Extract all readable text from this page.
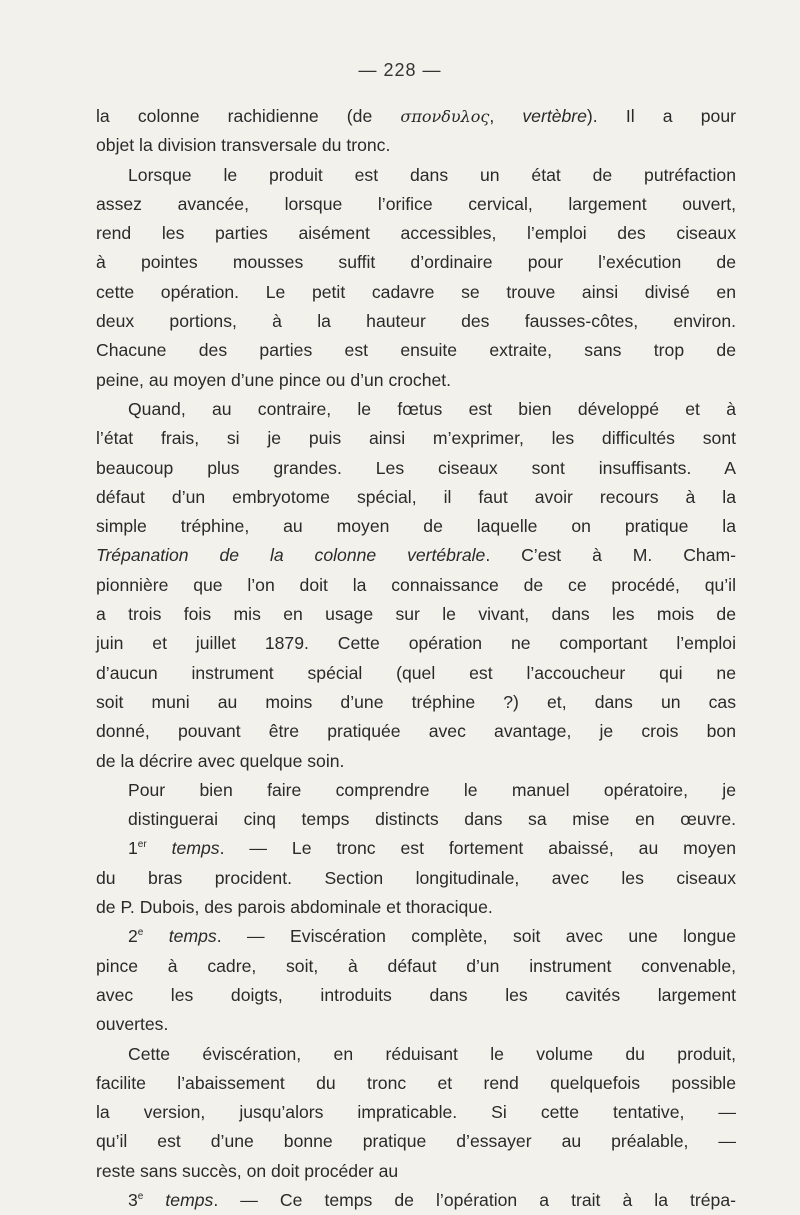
— 228 —
la colonne rachidienne (de σπονδυλος, vertèbre). Il a pour
objet la division transversale du tronc.
Lorsque le produit est dans un état de putréfaction
assez avancée, lorsque l’orifice cervical, largement ouvert,
rend les parties aisément accessibles, l’emploi des ciseaux
à pointes mousses suffit d’ordinaire pour l’exécution de
cette opération. Le petit cadavre se trouve ainsi divisé en
deux portions, à la hauteur des fausses-côtes, environ.
Chacune des parties est ensuite extraite, sans trop de
peine, au moyen d’une pince ou d’un crochet.
Quand, au contraire, le fœtus est bien développé et à
l’état frais, si je puis ainsi m’exprimer, les difficultés sont
beaucoup plus grandes. Les ciseaux sont insuffisants. A
défaut d’un embryotome spécial, il faut avoir recours à la
simple tréphine, au moyen de laquelle on pratique la
Trépanation de la colonne vertébrale. C’est à M. Cham-
pionnière que l’on doit la connaissance de ce procédé, qu’il
a trois fois mis en usage sur le vivant, dans les mois de
juin et juillet 1879. Cette opération ne comportant l’emploi
d’aucun instrument spécial (quel est l’accoucheur qui ne
soit muni au moins d’une tréphine ?) et, dans un cas
donné, pouvant être pratiquée avec avantage, je crois bon
de la décrire avec quelque soin.
Pour bien faire comprendre le manuel opératoire, je
distinguerai cinq temps distincts dans sa mise en œuvre.
1er temps. — Le tronc est fortement abaissé, au moyen
du bras procident. Section longitudinale, avec les ciseaux
de P. Dubois, des parois abdominale et thoracique.
2e temps. — Eviscération complète, soit avec une longue
pince à cadre, soit, à défaut d’un instrument convenable,
avec les doigts, introduits dans les cavités largement
ouvertes.
Cette éviscération, en réduisant le volume du produit,
facilite l’abaissement du tronc et rend quelquefois possible
la version, jusqu’alors impraticable. Si cette tentative, —
qu’il est d’une bonne pratique d’essayer au préalable, —
reste sans succès, on doit procéder au
3e temps. — Ce temps de l’opération a trait à la trépa-
